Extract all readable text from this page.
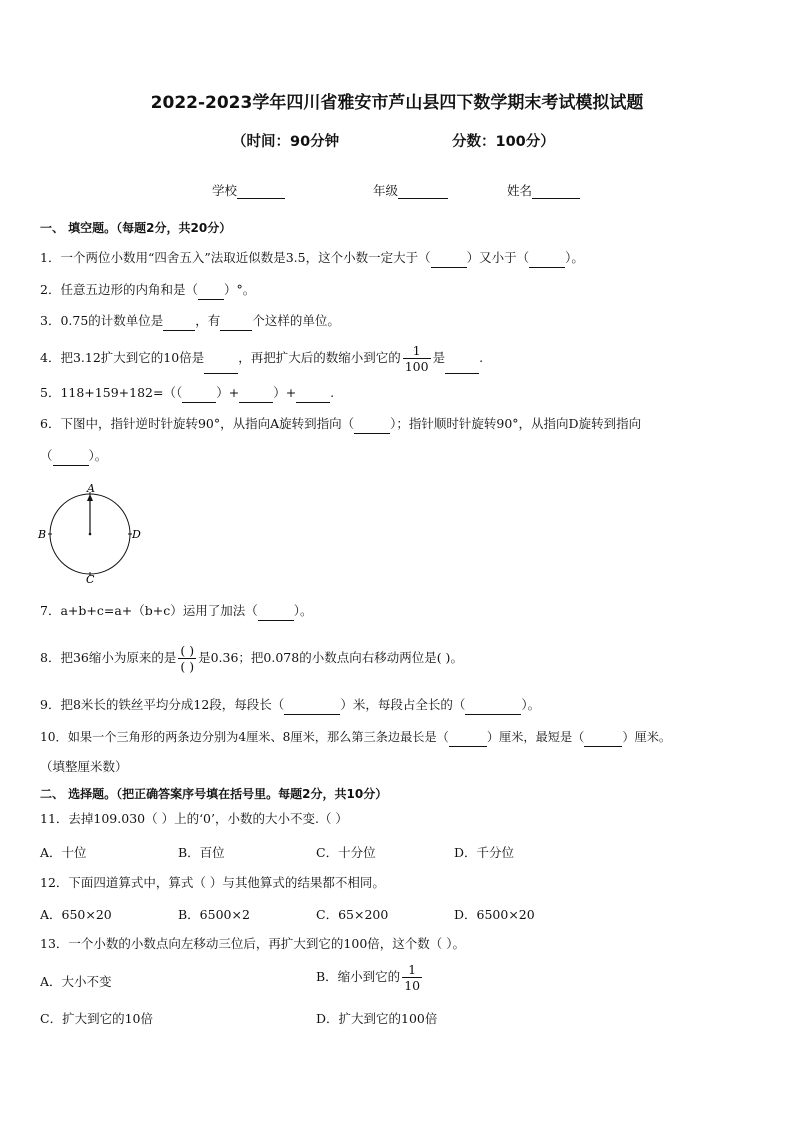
2022-2023学年四川省雅安市芦山县四下数学期末考试模拟试题
（时间：90分钟	分数：100分）
学校	年级	姓名
一、 填空题。（每题2分，共20分）
1．一个两位小数用“四舍五入”法取近似数是3.5，这个小数一定大于（	）又小于（	）。
2．任意五边形的内角和是（ ）°。
3．0.75的计数单位是	，有	个这样的单位。
4．把3.12扩大到它的10倍是	，再把扩大后的数缩小到它的 $\frac{1}{100}$ 是	.
5．118+159+182=（（	）+	）+	.
6．下图中，指针逆时针旋转90°，从指向A旋转到指向（	）；指针顺时针旋转90°，从指向D旋转到指向
（	）。
A
B
C
D
7．a+b+c=a+（b+c）运用了加法（	）。
8．把36缩小为原来的是 $\frac{( )}{( )}$ 是0.36；把0.078的小数点向右移动两位是( )。
9．把8米长的铁丝平均分成12段，每段长（	）米，每段占全长的（	）。
10．如果一个三角形的两条边分别为4厘米、8厘米，那么第三条边最长是（	）厘米，最短是（	）厘米。
（填整厘米数）
二、 选择题。（把正确答案序号填在括号里。每题2分，共10分）
11．去掉109.030（ ）上的‘0’，小数的大小不变.（ ）
A．十位	B．百位	C．十分位	D．千分位
12．下面四道算式中，算式（ ）与其他算式的结果都不相同。
A．650×20	B．6500×2	C．65×200	D．6500×20
13．一个小数的小数点向左移动三位后，再扩大到它的100倍，这个数（ ）。
A．大小不变	B．缩小到它的 $\frac{1}{10}$
C．扩大到它的10倍	D．扩大到它的100倍
